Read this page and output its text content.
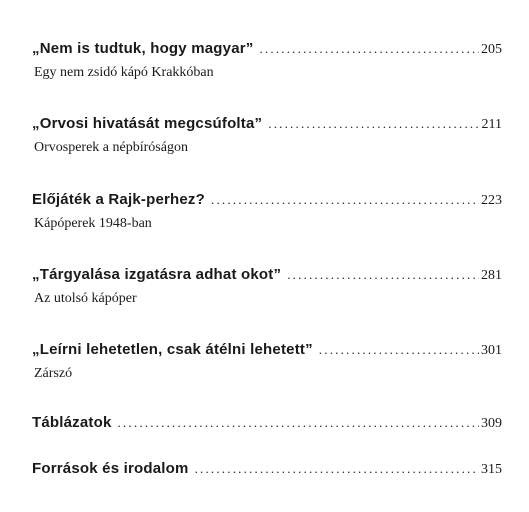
„Nem is tudtuk, hogy magyar” .....	205
Egy nem zsidó kápó Krakkóban
„Orvosi hivatását megcsúfolta” .....	211
Orvosperek a népbíróságon
Előjáték a Rajk-perhez? .....	223
Kápóperek 1948-ban
„Tárgyalása izgatásra adhat okot” .....	281
Az utolsó kápóper
„Leírni lehetetlen, csak átélni lehetett” .....	301
Zárszó
Táblázatok .....	309
Források és irodalom .....	315
